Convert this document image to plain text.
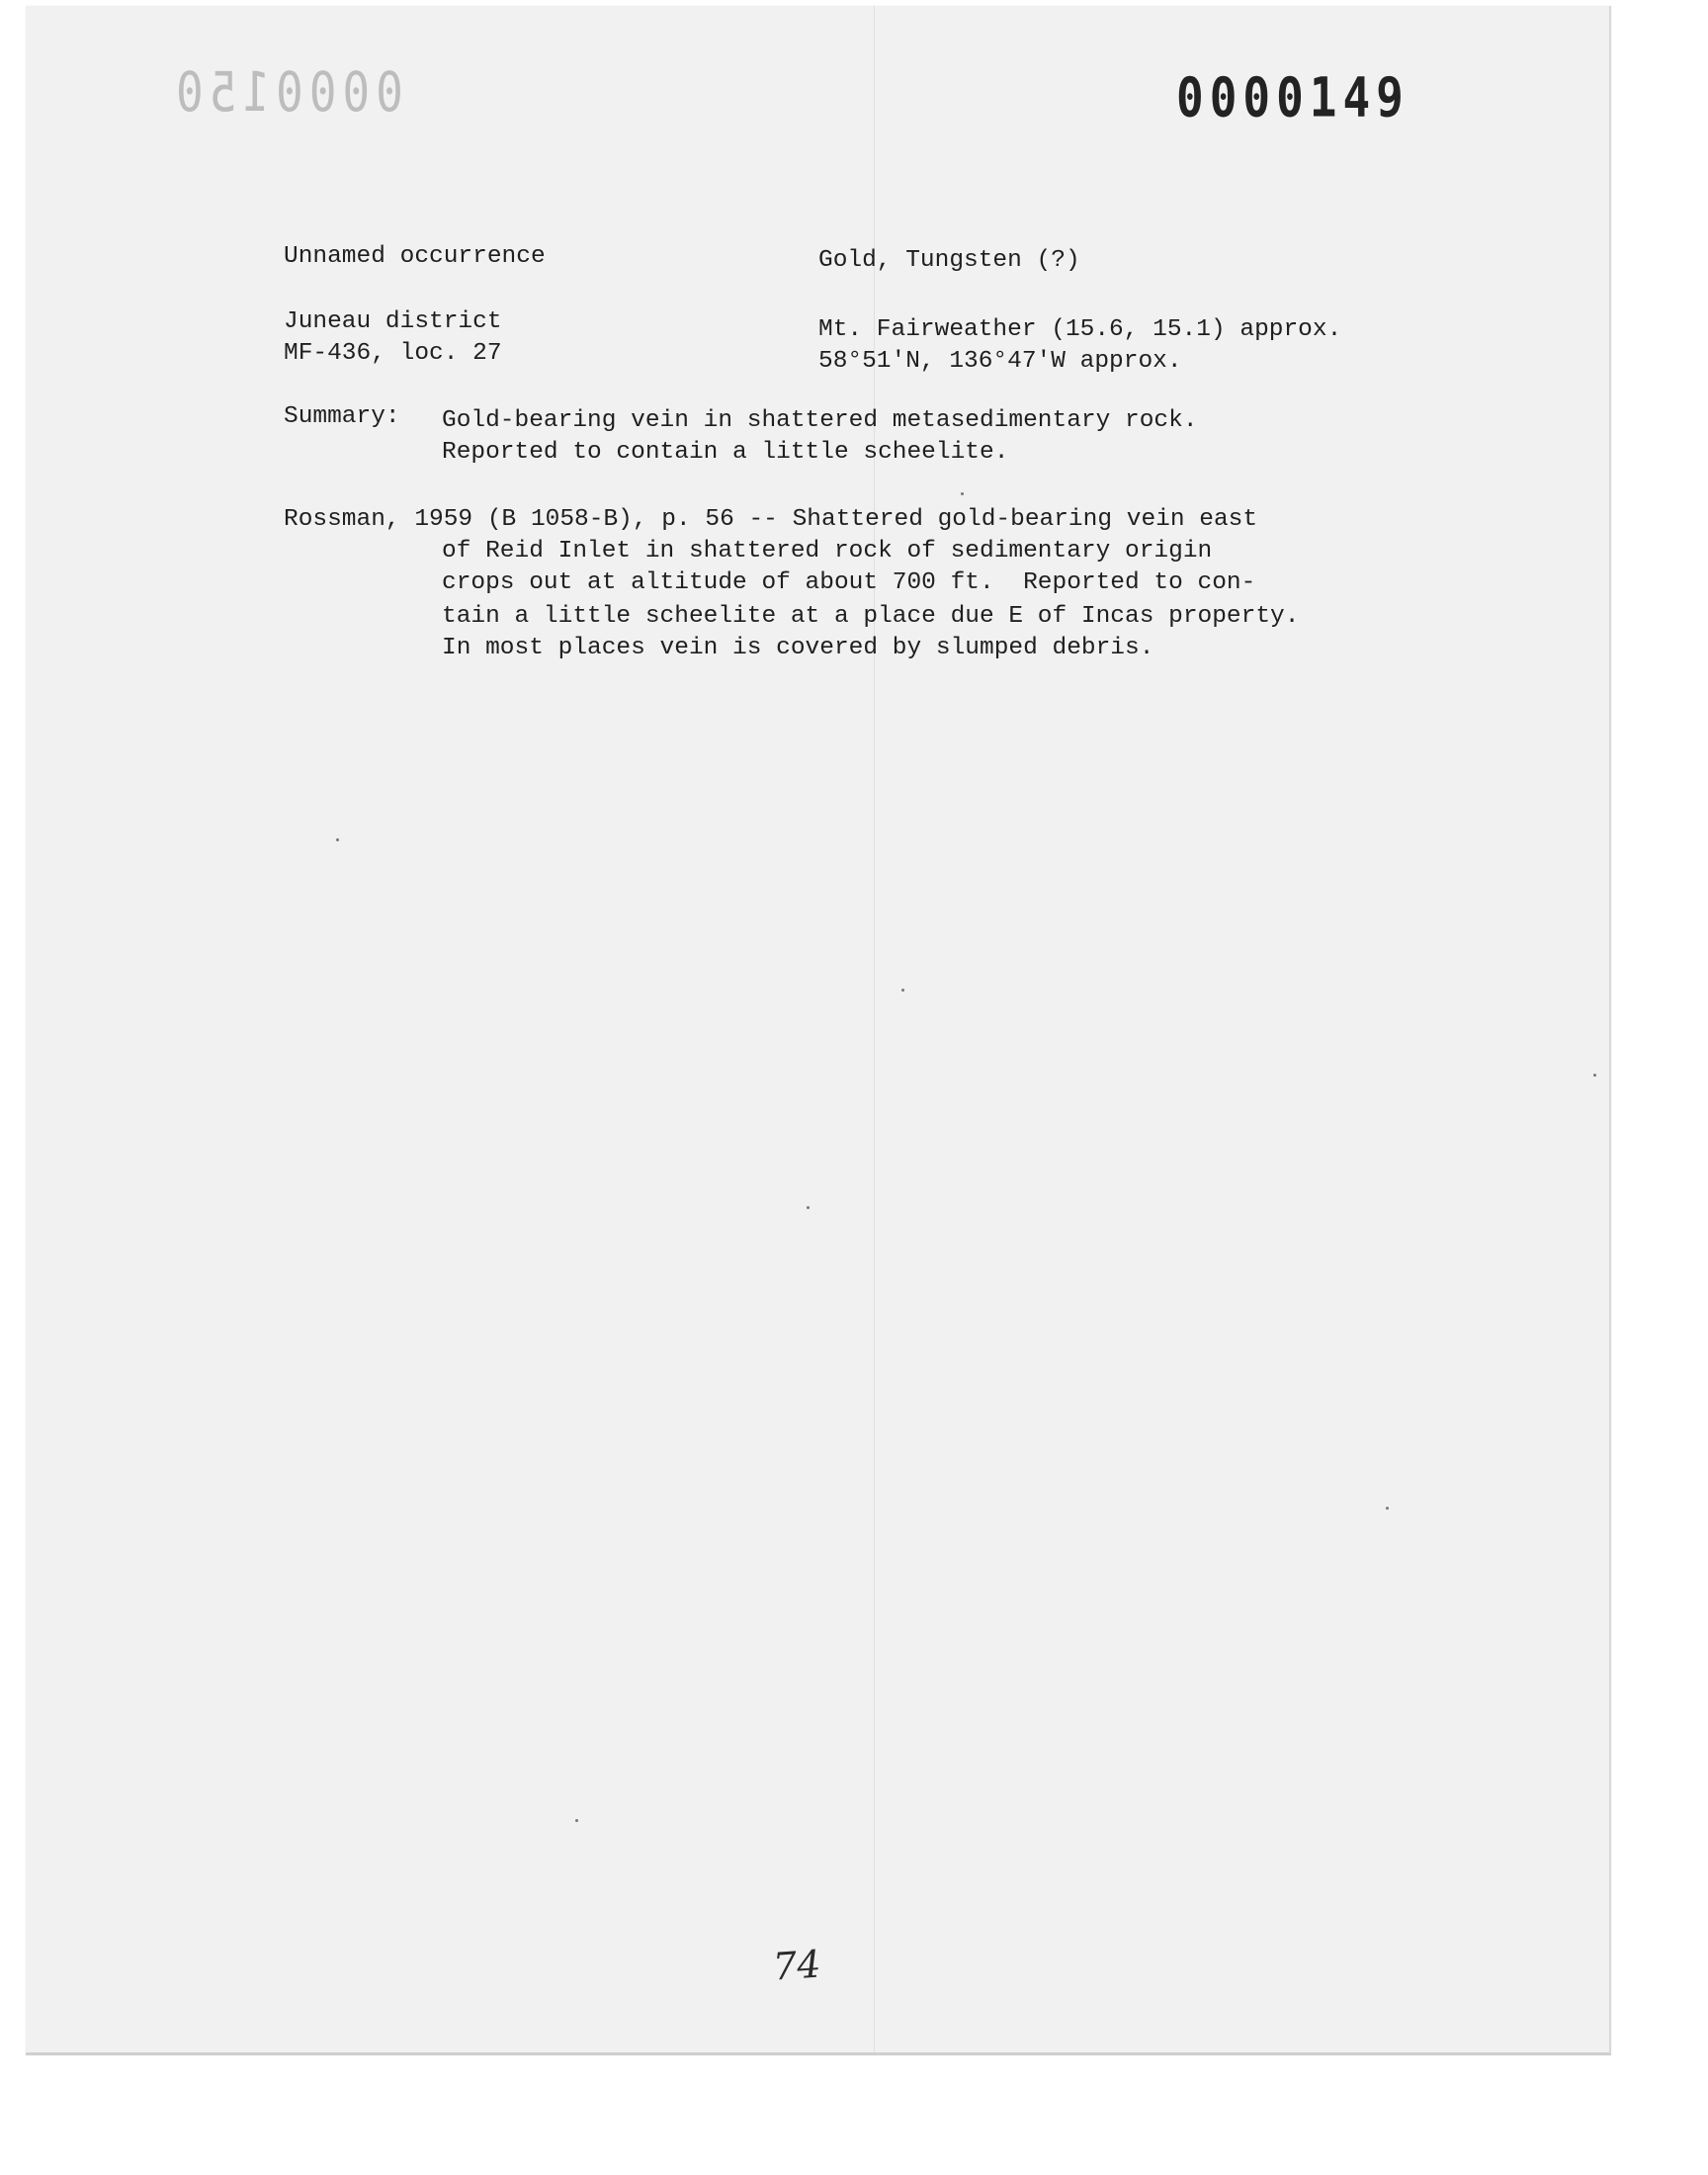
0000150	0000149
Unnamed occurrence	Gold, Tungsten (?)
Juneau district
MF-436, loc. 27
Mt. Fairweather (15.6, 15.1) approx.
58°51'N, 136°47'W approx.
Summary: Gold-bearing vein in shattered metasedimentary rock.
Reported to contain a little scheelite.
Rossman, 1959 (B 1058-B), p. 56 -- Shattered gold-bearing vein east
of Reid Inlet in shattered rock of sedimentary origin
crops out at altitude of about 700 ft.  Reported to con-
tain a little scheelite at a place due E of Incas property.
In most places vein is covered by slumped debris.
74
